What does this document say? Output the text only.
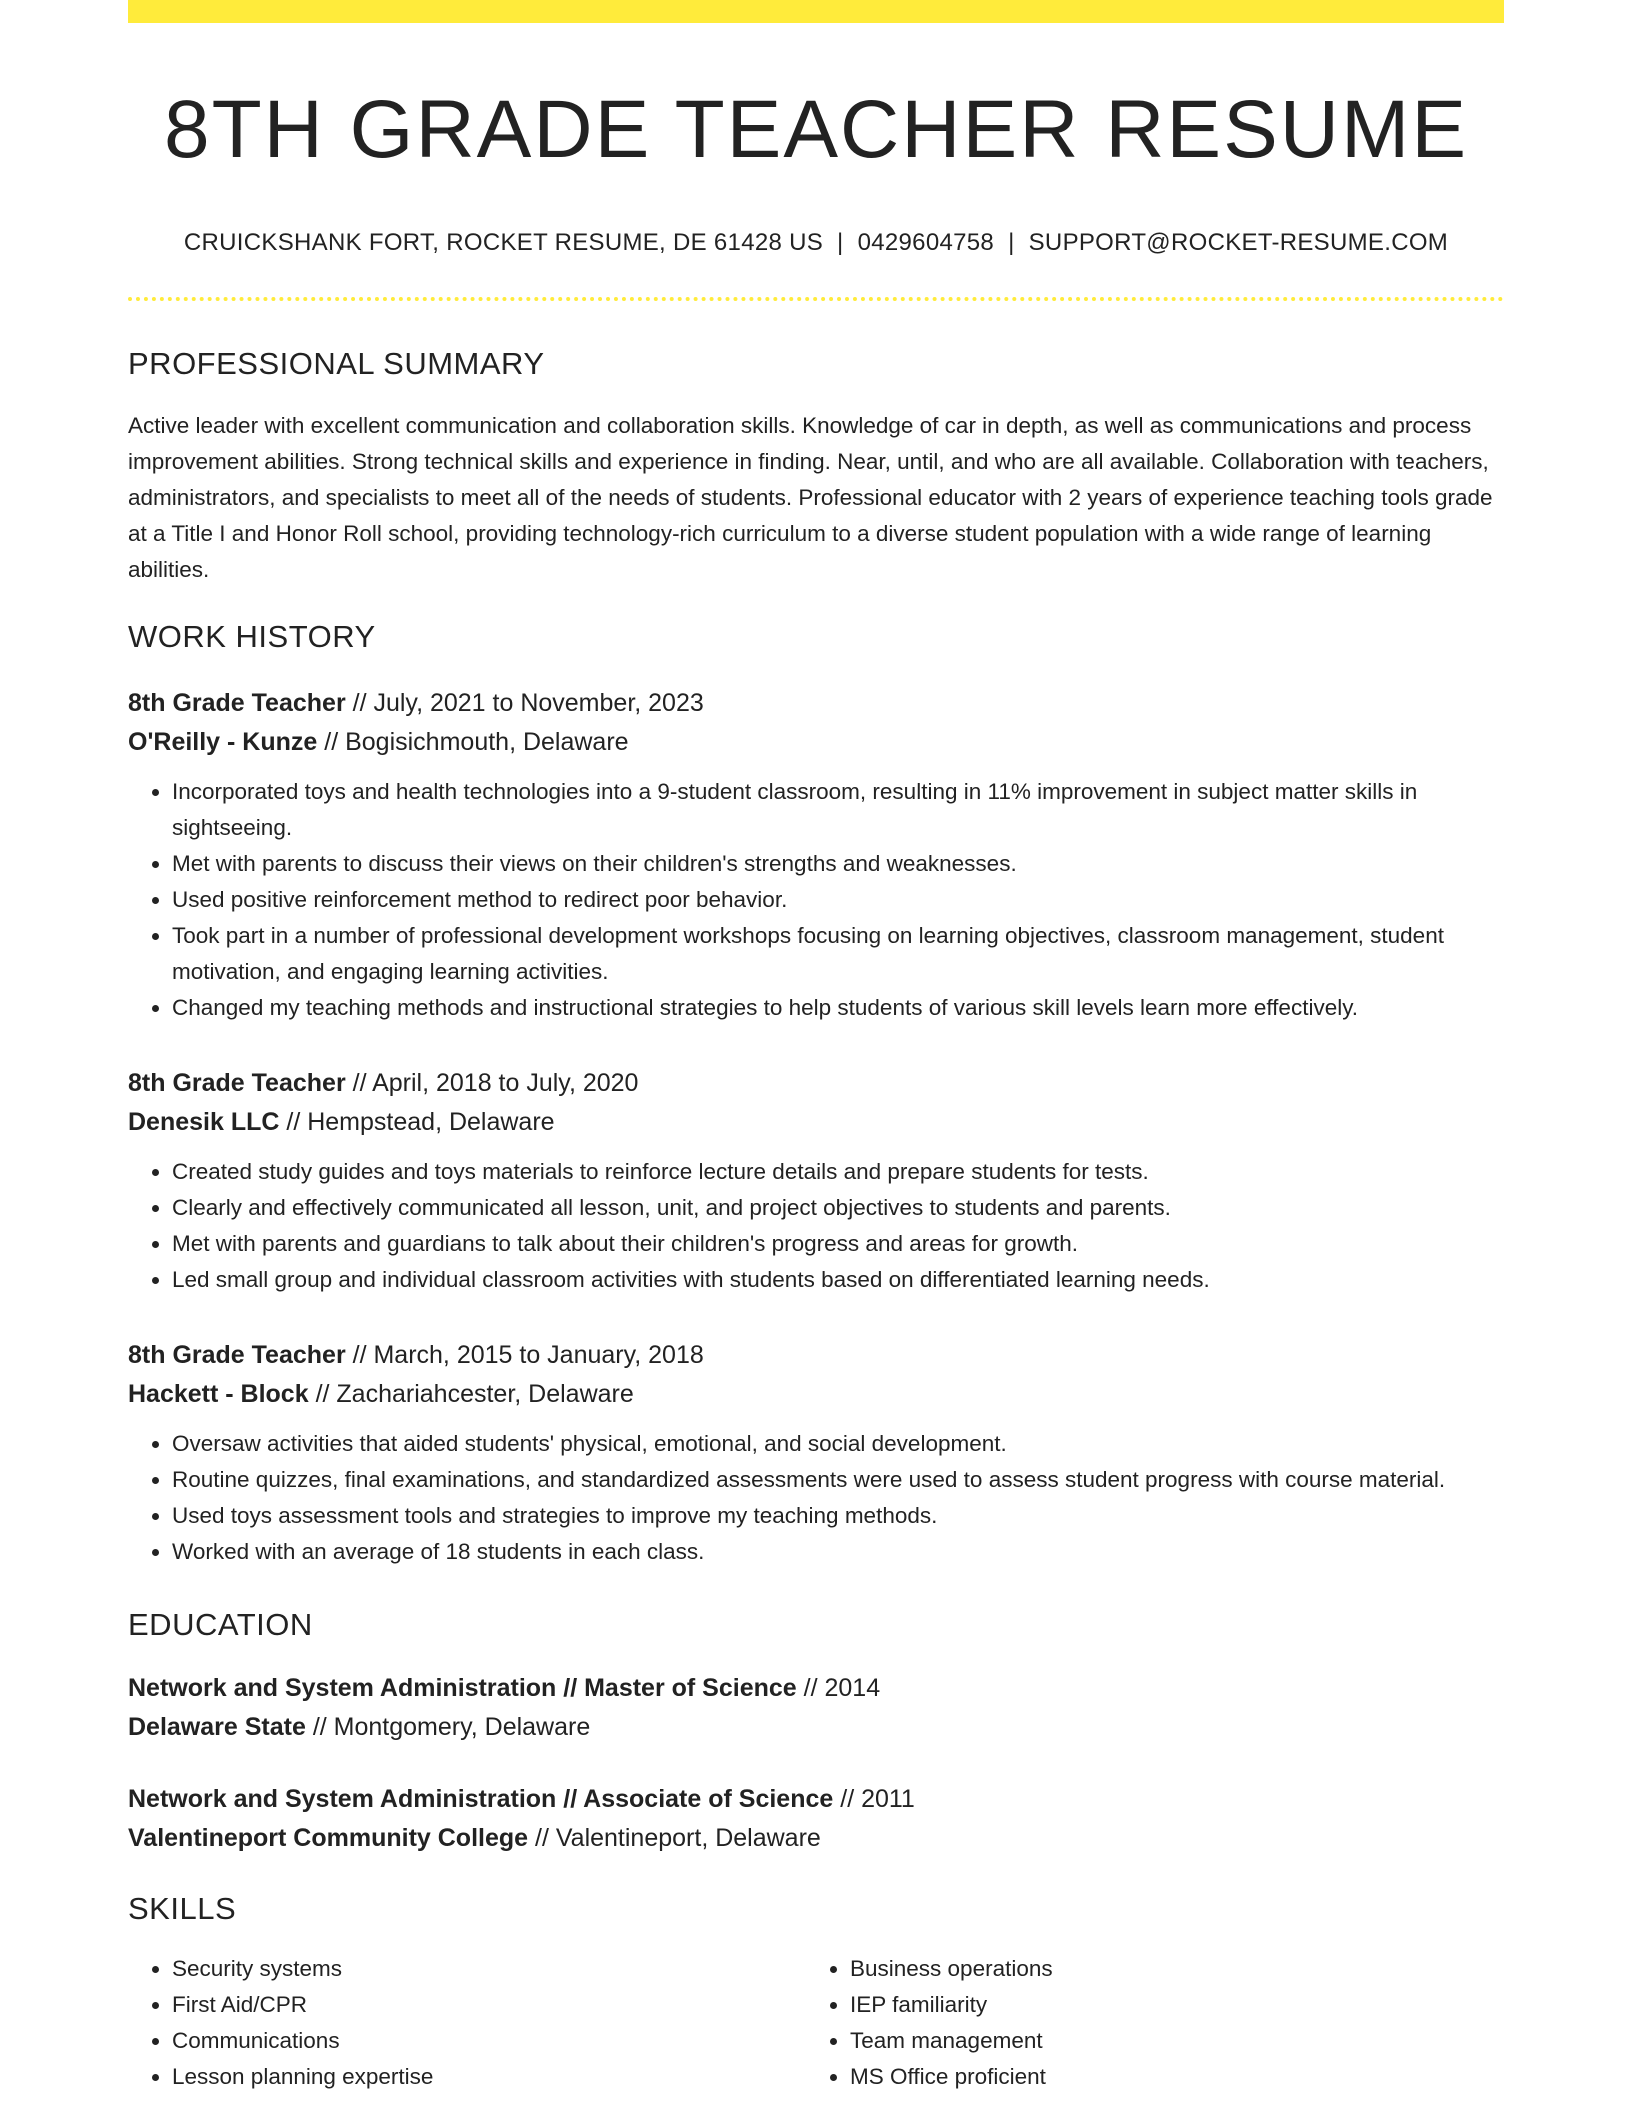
8TH GRADE TEACHER RESUME
CRUICKSHANK FORT, ROCKET RESUME, DE 61428 US | 0429604758 | SUPPORT@ROCKET-RESUME.COM
PROFESSIONAL SUMMARY
Active leader with excellent communication and collaboration skills. Knowledge of car in depth, as well as communications and process improvement abilities. Strong technical skills and experience in finding. Near, until, and who are all available. Collaboration with teachers, administrators, and specialists to meet all of the needs of students. Professional educator with 2 years of experience teaching tools grade at a Title I and Honor Roll school, providing technology-rich curriculum to a diverse student population with a wide range of learning abilities.
WORK HISTORY
8th Grade Teacher // July, 2021 to November, 2023
O'Reilly - Kunze // Bogisichmouth, Delaware
• Incorporated toys and health technologies into a 9-student classroom, resulting in 11% improvement in subject matter skills in sightseeing.
• Met with parents to discuss their views on their children's strengths and weaknesses.
• Used positive reinforcement method to redirect poor behavior.
• Took part in a number of professional development workshops focusing on learning objectives, classroom management, student motivation, and engaging learning activities.
• Changed my teaching methods and instructional strategies to help students of various skill levels learn more effectively.
8th Grade Teacher // April, 2018 to July, 2020
Denesik LLC // Hempstead, Delaware
• Created study guides and toys materials to reinforce lecture details and prepare students for tests.
• Clearly and effectively communicated all lesson, unit, and project objectives to students and parents.
• Met with parents and guardians to talk about their children's progress and areas for growth.
• Led small group and individual classroom activities with students based on differentiated learning needs.
8th Grade Teacher // March, 2015 to January, 2018
Hackett - Block // Zachariahcester, Delaware
• Oversaw activities that aided students' physical, emotional, and social development.
• Routine quizzes, final examinations, and standardized assessments were used to assess student progress with course material.
• Used toys assessment tools and strategies to improve my teaching methods.
• Worked with an average of 18 students in each class.
EDUCATION
Network and System Administration // Master of Science // 2014
Delaware State // Montgomery, Delaware
Network and System Administration // Associate of Science // 2011
Valentineport Community College // Valentineport, Delaware
SKILLS
• Security systems
• First Aid/CPR
• Communications
• Lesson planning expertise
• Business operations
• IEP familiarity
• Team management
• MS Office proficient
